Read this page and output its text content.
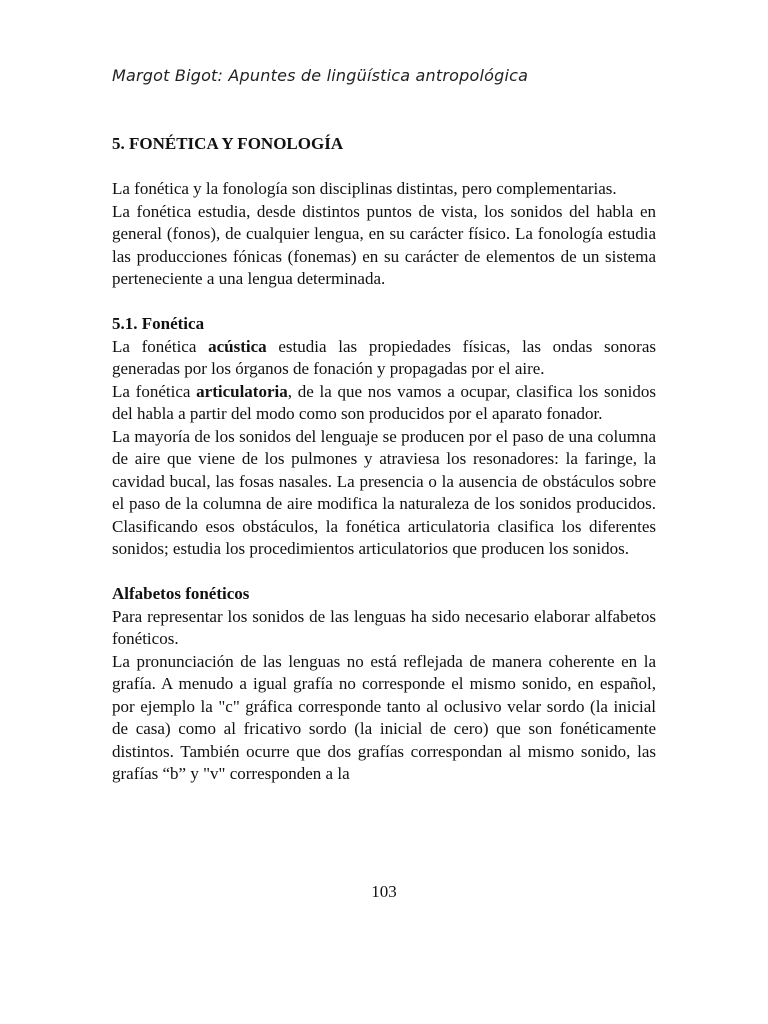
Margot Bigot: Apuntes de lingüística antropológica
5. FONÉTICA Y FONOLOGÍA

La fonética y la fonología son disciplinas distintas, pero complementarias.

La fonética estudia, desde distintos puntos de vista, los sonidos del habla en general (fonos), de cualquier lengua, en su carácter físico. La fonología estudia las producciones fónicas (fonemas) en su carácter de elementos de un sistema perteneciente a una lengua determinada.

5.1. Fonética

La fonética acústica estudia las propiedades físicas, las ondas sonoras generadas por los órganos de fonación y propagadas por el aire.

La fonética articulatoria, de la que nos vamos a ocupar, clasifica los sonidos del habla a partir del modo como son producidos por el aparato fonador.

La mayoría de los sonidos del lenguaje se producen por el paso de una columna de aire que viene de los pulmones y atraviesa los resonadores: la faringe, la cavidad bucal, las fosas nasales. La presencia o la ausencia de obstáculos sobre el paso de la columna de aire modifica la naturaleza de los sonidos producidos. Clasificando esos obstáculos, la fonética articulatoria clasifica los diferentes sonidos; estudia los procedimientos articulatorios que producen los sonidos.

Alfabetos fonéticos

Para representar los sonidos de las lenguas ha sido necesario elaborar alfabetos fonéticos.

La pronunciación de las lenguas no está reflejada de manera coherente en la grafía. A menudo a igual grafía no corresponde el mismo sonido, en español, por ejemplo la "c" gráfica corresponde tanto al oclusivo velar sordo (la inicial de casa) como al fricativo sordo (la inicial de cero) que son fonéticamente distintos. También ocurre que dos grafías correspondan al mismo sonido, las grafías “b” y "v" corresponden a la

103
